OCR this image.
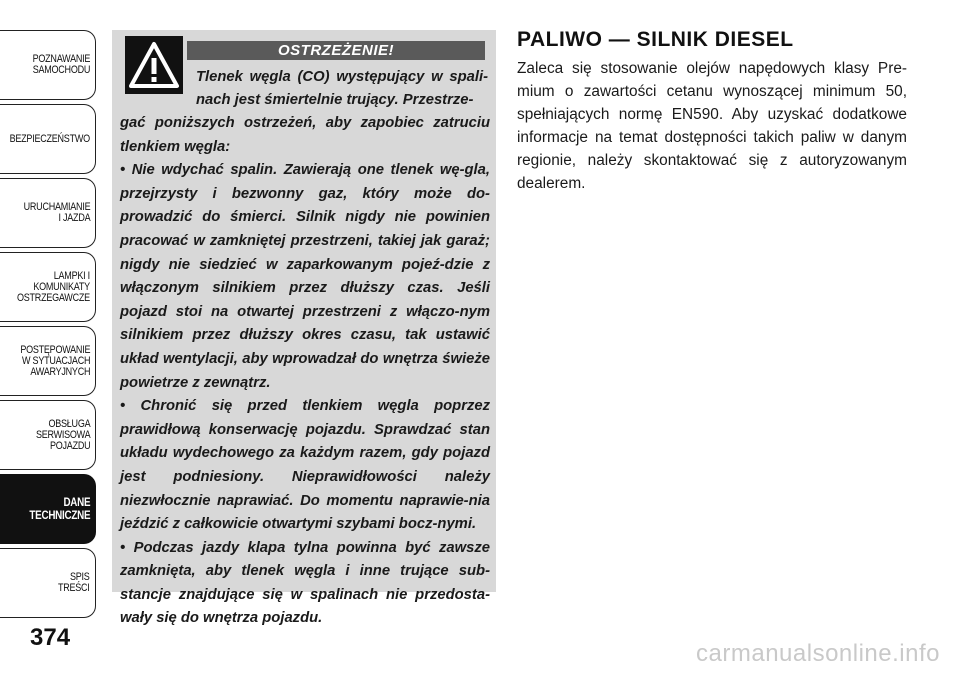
POZNAWANIE
SAMOCHODU
BEZPIECZEŃSTWO
URUCHAMIANIE
I JAZDA
LAMPKI I
KOMUNIKATY
OSTRZEGAWCZE
POSTĘPOWANIE
W SYTUACJACH
AWARYJNYCH
OBSŁUGA
SERWISOWA
POJAZDU
DANE
TECHNICZNE
SPIS
TREŚCI
374
OSTRZEŻENIE!
Tlenek węgla (CO) występujący w spali-nach jest śmiertelnie trujący. Przestrze-

gać poniższych ostrzeżeń, aby zapobiec zatruciu tlenkiem węgla:

• Nie wdychać spalin. Zawierają one tlenek wę-gla, przejrzysty i bezwonny gaz, który może do-prowadzić do śmierci. Silnik nigdy nie powinien pracować w zamkniętej przestrzeni, takiej jak garaż; nigdy nie siedzieć w zaparkowanym pojeź-dzie z włączonym silnikiem przez dłuższy czas. Jeśli pojazd stoi na otwartej przestrzeni z włączo-nym silnikiem przez dłuższy okres czasu, tak ustawić układ wentylacji, aby wprowadzał do wnętrza świeże powietrze z zewnątrz.

• Chronić się przed tlenkiem węgla poprzez prawidłową konserwację pojazdu. Sprawdzać stan układu wydechowego za każdym razem, gdy pojazd jest podniesiony. Nieprawidłowości należy niezwłocznie naprawiać. Do momentu naprawie-nia jeździć z całkowicie otwartymi szybami bocz-nymi.

• Podczas jazdy klapa tylna powinna być zawsze zamknięta, aby tlenek węgla i inne trujące sub-stancje znajdujące się w spalinach nie przedosta-wały się do wnętrza pojazdu.

PALIWO — SILNIK DIESEL
Zaleca się stosowanie olejów napędowych klasy Pre-mium o zawartości cetanu wynoszącej minimum 50, spełniających normę EN590. Aby uzyskać dodatkowe informacje na temat dostępności takich paliw w danym regionie, należy skontaktować się z autoryzowanym dealerem.
carmanualsonline.info
